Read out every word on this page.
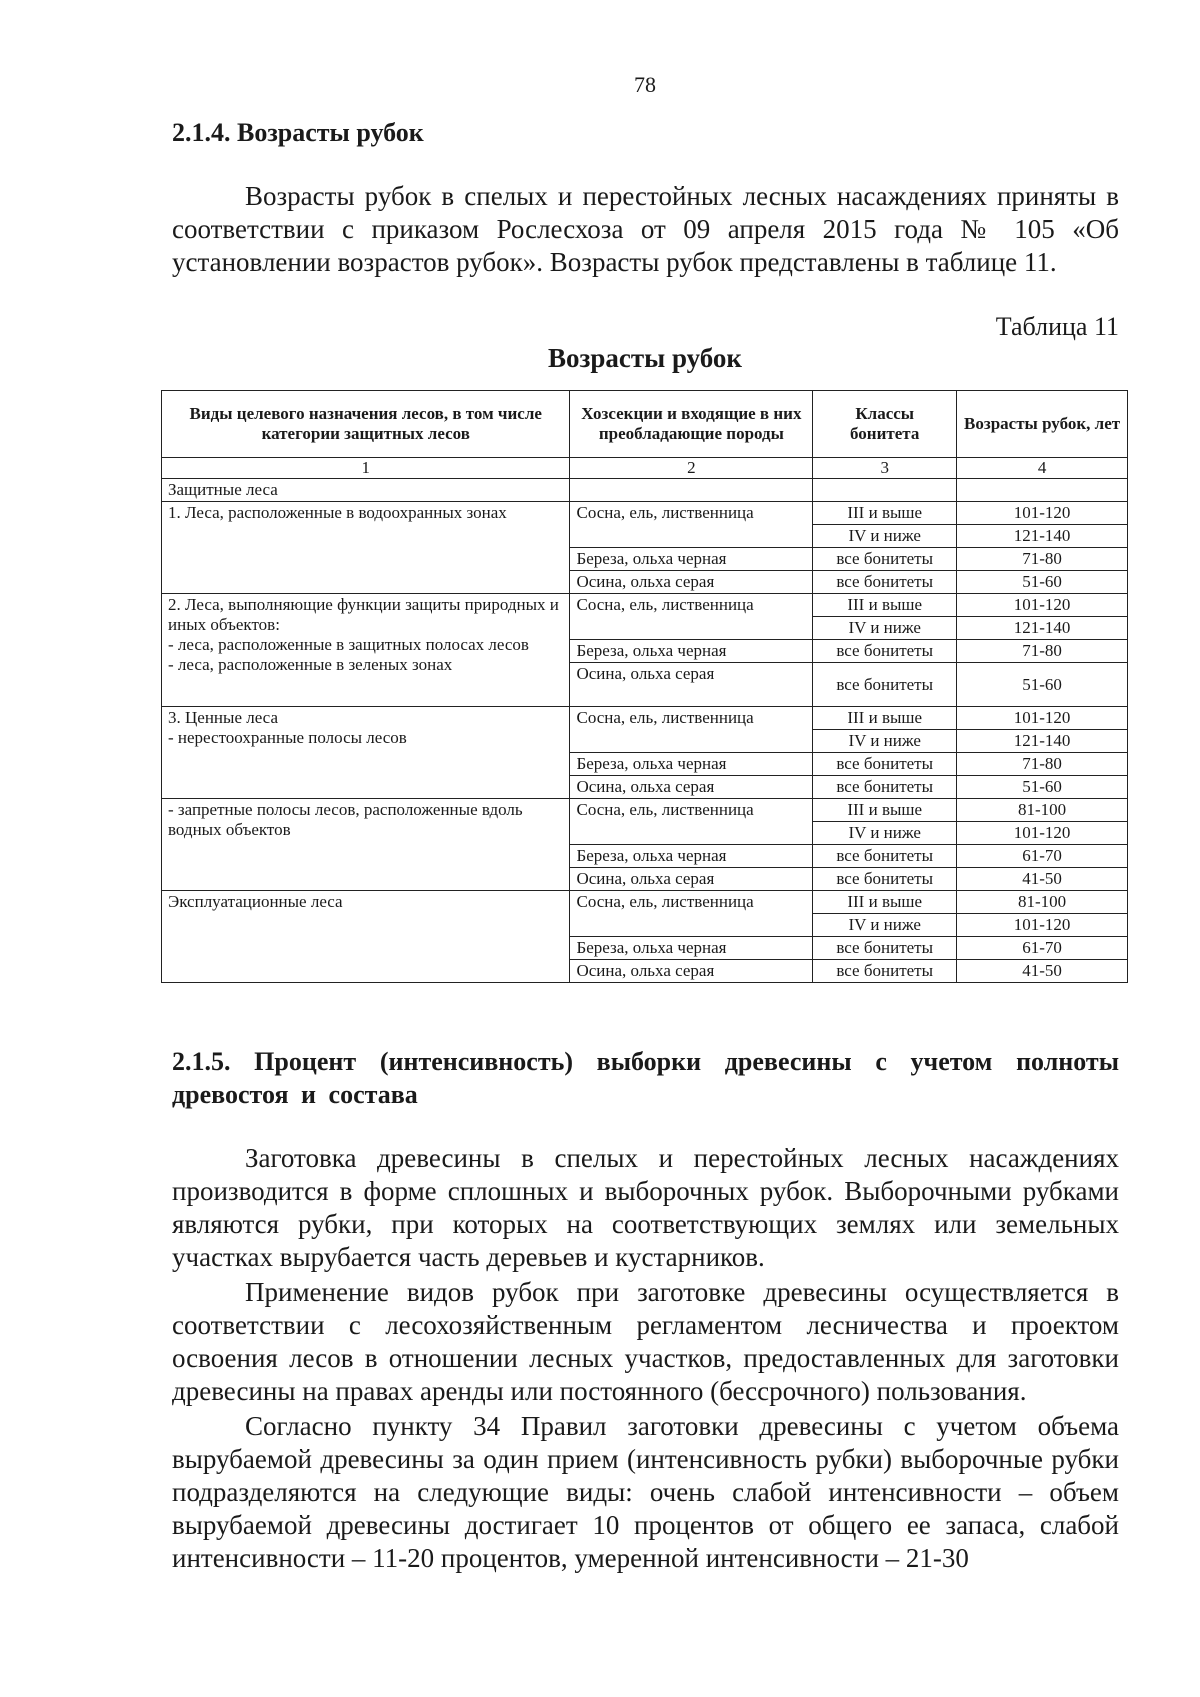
78
2.1.4. Возрасты рубок

Возрасты рубок в спелых и перестойных лесных насаждениях приняты в соответствии с приказом Рослесхоза от 09 апреля 2015 года № 105 «Об установлении возрастов рубок». Возрасты рубок представлены в таблице 11.

Таблица 11
Возрасты рубок
Виды целевого назначения лесов, в том числе категории защитных лесов	Хозсекции и входящие в них преобладающие породы	Классы бонитета	Возрасты рубок, лет
1	2	3	4
Защитные леса			
1. Леса, расположенные в водоохранных зонах	Сосна, ель, лиственница	III и выше	101-120
		IV и ниже	121-140
	Береза, ольха черная	все бонитеты	71-80
	Осина, ольха серая	все бонитеты	51-60

2. Леса, выполняющие функции защиты природных и иных объектов:
- леса, расположенные в защитных полосах лесов
- леса, расположенные в зеленых зонах	Сосна, ель, лиственница	III и выше	101-120
		IV и ниже	121-140
	Береза, ольха черная	все бонитеты	71-80
	Осина, ольха серая	все бонитеты	51-60

3. Ценные леса
- нерестоохранные полосы лесов	Сосна, ель, лиственница	III и выше	101-120
		IV и ниже	121-140
	Береза, ольха черная	все бонитеты	71-80
	Осина, ольха серая	все бонитеты	51-60
- запретные полосы лесов, расположенные вдоль водных объектов	Сосна, ель, лиственница	III и выше	81-100
		IV и ниже	101-120
	Береза, ольха черная	все бонитеты	61-70
	Осина, ольха серая	все бонитеты	41-50
Эксплуатационные леса	Сосна, ель, лиственница	III и выше	81-100
		IV и ниже	101-120
	Береза, ольха черная	все бонитеты	61-70
	Осина, ольха серая	все бонитеты	41-50
2.1.5. Процент (интенсивность) выборки древесины с учетом полноты древостоя и состава

Заготовка древесины в спелых и перестойных лесных насаждениях производится в форме сплошных и выборочных рубок. Выборочными рубками являются рубки, при которых на соответствующих землях или земельных участках вырубается часть деревьев и кустарников.

Применение видов рубок при заготовке древесины осуществляется в соответствии с лесохозяйственным регламентом лесничества и проектом освоения лесов в отношении лесных участков, предоставленных для заготовки древесины на правах аренды или постоянного (бессрочного) пользования.

Согласно пункту 34 Правил заготовки древесины с учетом объема вырубаемой древесины за один прием (интенсивность рубки) выборочные рубки подразделяются на следующие виды: очень слабой интенсивности – объем вырубаемой древесины достигает 10 процентов от общего ее запаса, слабой интенсивности – 11-20 процентов, умеренной интенсивности – 21-30
